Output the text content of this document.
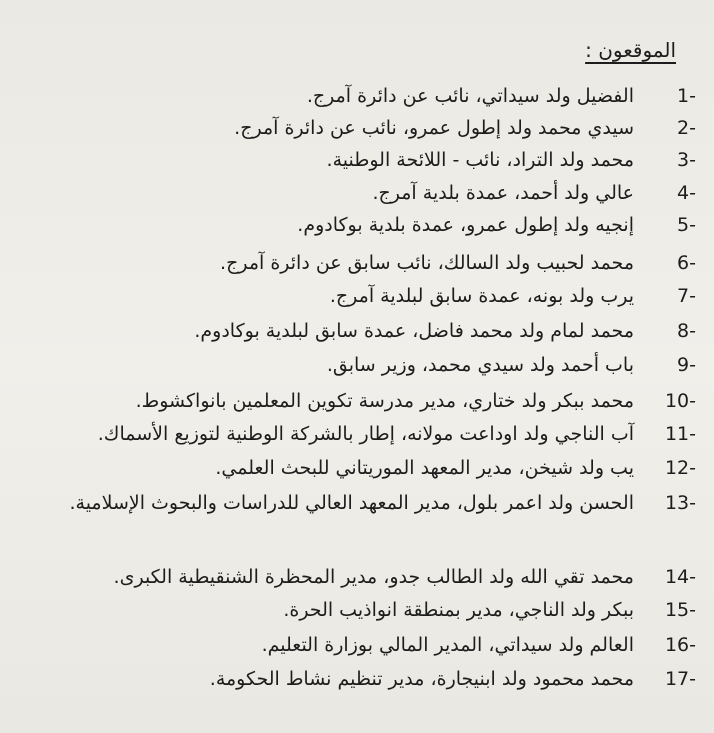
الموقعون :
1-
الفضيل ولد سيداتي، نائب عن دائرة آمرج.
2-
سيدي محمد ولد إطول عمرو، نائب عن دائرة آمرج.
3-
محمد ولد التراد، نائب - اللائحة الوطنية.
4-
عالي ولد أحمد، عمدة بلدية آمرج.
5-
إنجيه ولد إطول عمرو، عمدة بلدية بوكادوم.
6-
محمد لحبيب ولد السالك، نائب سابق عن دائرة آمرج.
7-
يرب ولد بونه، عمدة سابق لبلدية آمرج.
8-
محمد لمام ولد محمد فاضل، عمدة سابق لبلدية بوكادوم.
9-
باب أحمد ولد سيدي محمد، وزير سابق.
10-
محمد ببكر ولد ختاري، مدير مدرسة تكوين المعلمين بانواكشوط.
11-
آب الناجي ولد اوداعت مولانه، إطار بالشركة الوطنية لتوزيع الأسماك.
12-
يب ولد شيخن، مدير المعهد الموريتاني للبحث العلمي.
13-
الحسن ولد اعمر بلول، مدير المعهد العالي للدراسات والبحوث الإسلامية.
14-
محمد تقي الله ولد الطالب جدو، مدير المحظرة الشنقيطية الكبرى.
15-
ببكر ولد الناجي، مدير بمنطقة انواذيب الحرة.
16-
العالم ولد سيداتي، المدير المالي بوزارة التعليم.
17-
محمد محمود ولد ابنيجارة، مدير تنظيم نشاط الحكومة.
